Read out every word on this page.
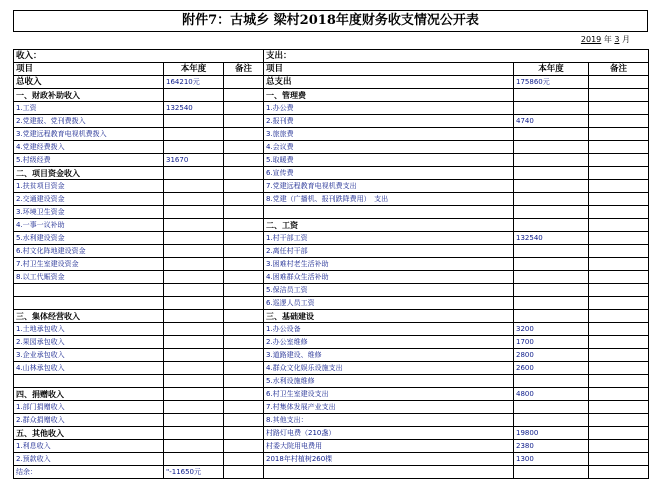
附件7：古城乡 梁村2018年度财务收支情况公开表
2019 年 3 月
收入：			支出：		
项目	本年度	备注	项目	本年度	备注
总收入	164210元		总支出	175860元	
一、财政补助收入			一、管理费		
1.工资	132540		1.办公费		
2.党建报、党刊费拨入			2.报刊费	4740	
3.党建远程教育电视机费拨入			3.旅旅费		
4.党建经费拨入			4.会议费		
5.村级经费	31670		5.取暖费		
二、项目资金收入			6.宣传费		
1.扶贫项目资金			7.党建远程教育电视机费支出		
2.交通建设资金			8.党建（广播机、报刊跌降费用）　支出		
3.环境卫生资金					
4.一事一议补助			二、工资		
5.水利建设资金			1.村干部工资	132540	
6.村文化阵地建设资金			2.离任村干部		
7.村卫生室建设资金			3.困难村老生活补助		
8.以工代赈资金			4.困难群众生活补助		
			5.保洁员工资		
			6.巡逻人员工资		
三、集体经营收入			三、基础建设		
1.土地承包收入			1.办公设备	3200	
2.果园承包收入			2.办公室维修	1700	
3.企业承包收入			3.道路建设、维修	2800	
4.山林承包收入			4.群众文化娱乐设施支出	2600	
			5.水利设施维修		
四、捐赠收入			6.村卫生室建设支出	4800	
1.部门捐赠收入			7.村集体发展产业支出		
2.群众捐赠收入			8.其他支出：		
五、其他收入			村路灯电费（210盏）	19800	
1.利息收入			村委大院用电费用	2380	
2.预款收入			2018年村植树260棵	1300	
结余：	"-11650元				
